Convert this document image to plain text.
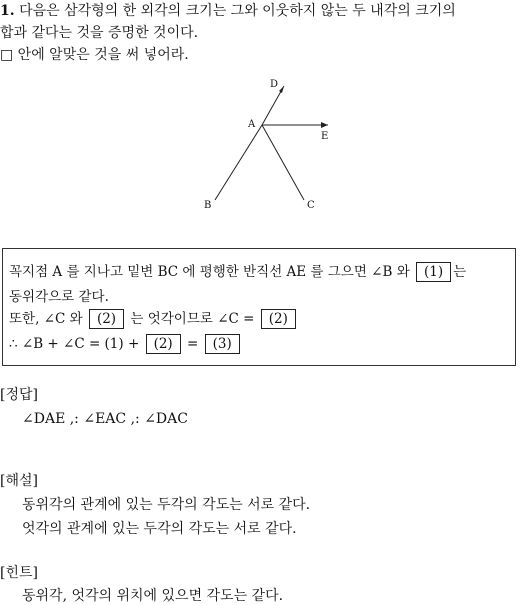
1. 다음은 삼각형의 한 외각의 크기는 그와 이웃하지 않는 두 내각의 크기의
합과 같다는 것을 증명한 것이다.
□ 안에 알맞은 것을 써 넣어라.
D
A
E
B	C
꼭지점 A 를 지나고 밑변 BC 에 평행한 반직선 AE 를 그으면 ∠B 와 (1) 는
동위각으로 같다.
또한, ∠C 와 (2) 는 엇각이므로 ∠C = (2)
∴ ∠B + ∠C = (1) + (2) = (3)
[정답]
∠DAE ,: ∠EAC ,: ∠DAC
[해설]
동위각의 관계에 있는 두각의 각도는 서로 같다.
엇각의 관계에 있는 두각의 각도는 서로 같다.
[힌트]
동위각, 엇각의 위치에 있으면 각도는 같다.
